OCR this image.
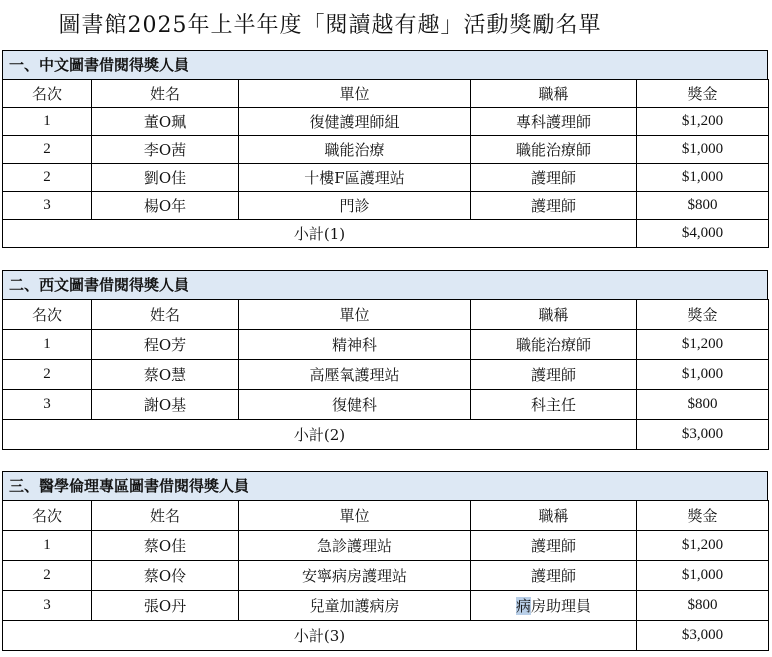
圖書館2025年上半年度「閱讀越有趣」活動獎勵名單
一、中文圖書借閱得獎人員
名次	姓名	單位	職稱	獎金
1	董O珮	復健護理師組	專科護理師	$1,200
2	李O茜	職能治療	職能治療師	$1,000
2	劉O佳	十樓F區護理站	護理師	$1,000
3	楊O年	門診	護理師	$800
小計(1)				$4,000
二、西文圖書借閱得獎人員
名次	姓名	單位	職稱	獎金
1	程O芳	精神科	職能治療師	$1,200
2	蔡O慧	高壓氧護理站	護理師	$1,000
3	謝O基	復健科	科主任	$800
小計(2)				$3,000
三、醫學倫理專區圖書借閱得獎人員
名次	姓名	單位	職稱	獎金
1	蔡O佳	急診護理站	護理師	$1,200
2	蔡O伶	安寧病房護理站	護理師	$1,000
3	張O丹	兒童加護病房	病房助理員	$800
小計(3)				$3,000
